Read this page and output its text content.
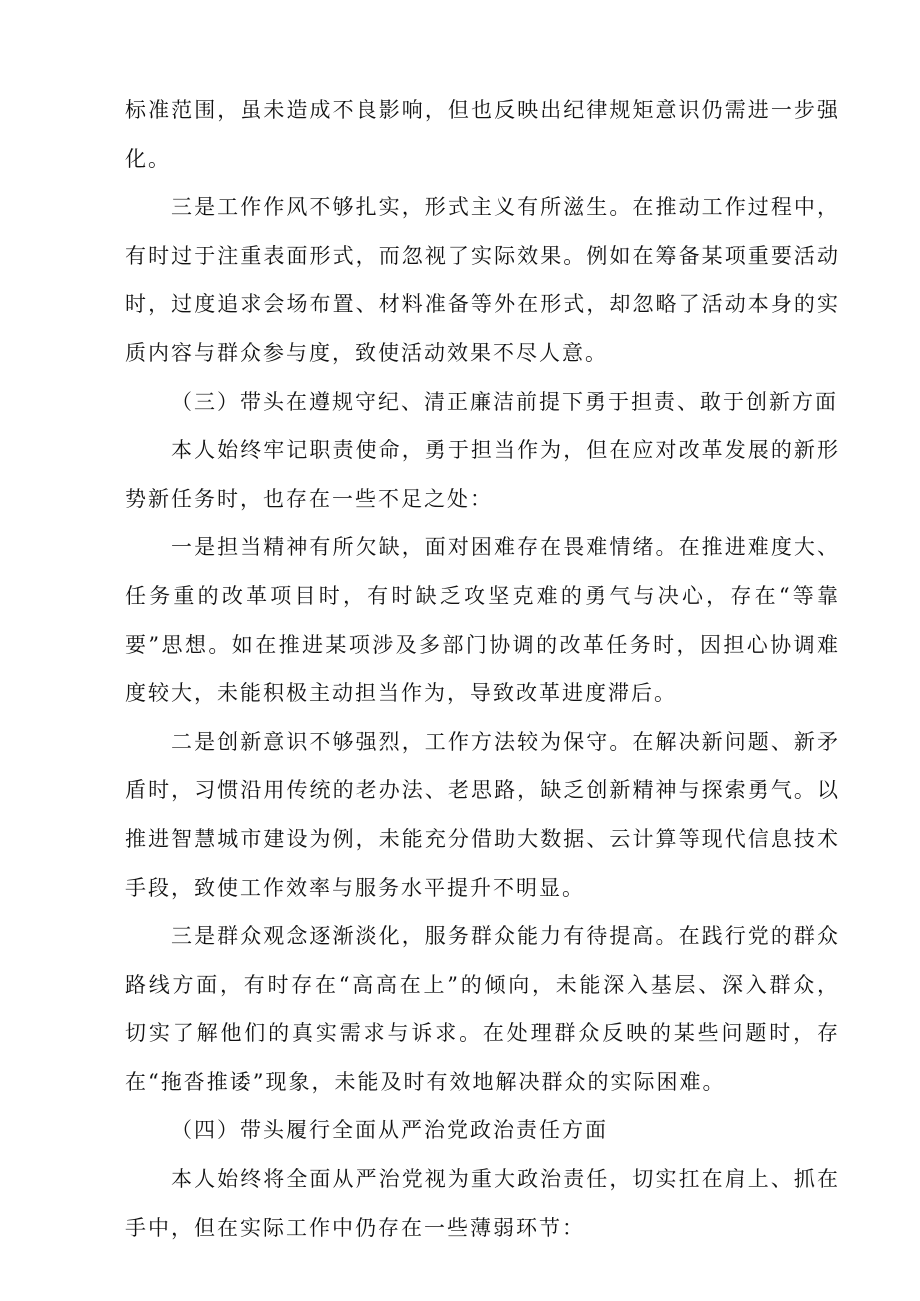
标准范围，虽未造成不良影响，但也反映出纪律规矩意识仍需进一步强化。

三是工作作风不够扎实，形式主义有所滋生。在推动工作过程中，有时过于注重表面形式，而忽视了实际效果。例如在筹备某项重要活动时，过度追求会场布置、材料准备等外在形式，却忽略了活动本身的实质内容与群众参与度，致使活动效果不尽人意。

（三）带头在遵规守纪、清正廉洁前提下勇于担责、敢于创新方面

本人始终牢记职责使命，勇于担当作为，但在应对改革发展的新形势新任务时，也存在一些不足之处：

一是担当精神有所欠缺，面对困难存在畏难情绪。在推进难度大、任务重的改革项目时，有时缺乏攻坚克难的勇气与决心，存在“等靠要”思想。如在推进某项涉及多部门协调的改革任务时，因担心协调难度较大，未能积极主动担当作为，导致改革进度滞后。

二是创新意识不够强烈，工作方法较为保守。在解决新问题、新矛盾时，习惯沿用传统的老办法、老思路，缺乏创新精神与探索勇气。以推进智慧城市建设为例，未能充分借助大数据、云计算等现代信息技术手段，致使工作效率与服务水平提升不明显。

三是群众观念逐渐淡化，服务群众能力有待提高。在践行党的群众路线方面，有时存在“高高在上”的倾向，未能深入基层、深入群众，切实了解他们的真实需求与诉求。在处理群众反映的某些问题时，存在“拖沓推诿”现象，未能及时有效地解决群众的实际困难。

（四）带头履行全面从严治党政治责任方面

本人始终将全面从严治党视为重大政治责任，切实扛在肩上、抓在手中，但在实际工作中仍存在一些薄弱环节：
